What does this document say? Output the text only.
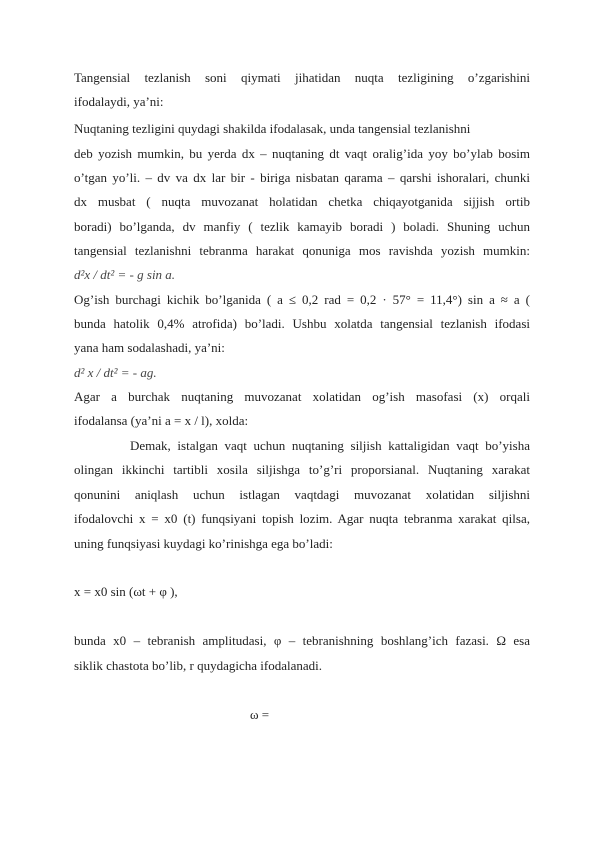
Tangensial tezlanish soni qiymati jihatidan nuqta tezligining o’zgarishini
ifodalaydi, ya’ni:
Nuqtaning tezligini quydagi shakilda ifodalasak, unda tangensial tezlanishni
deb yozish mumkin, bu yerda dx – nuqtaning dt vaqt oralig’ida yoy bo’ylab bosim
o’tgan yo’li. – dv va dx lar bir - biriga nisbatan qarama – qarshi ishoralari, chunki
dx musbat ( nuqta muvozanat holatidan chetka chiqayotganida sijjish ortib
boradi) bo’lganda, dv manfiy ( tezlik kamayib boradi ) boladi. Shuning uchun
tangensial tezlanishni tebranma harakat qonuniga mos ravishda yozish mumkin:
d²x / dt² = - g sin a.
Og’ish burchagi kichik bo’lganida ( a ≤ 0,2 rad = 0,2 · 57° = 11,4°) sin a ≈ a (
bunda hatolik 0,4% atrofida) bo’ladi. Ushbu xolatda tangensial tezlanish ifodasi
yana ham sodalashadi, ya’ni:
d² x / dt² = - ag.
Agar a burchak nuqtaning muvozanat xolatidan og’ish masofasi (x) orqali
ifodalansa (ya’ni a = x / l), xolda:
Demak, istalgan vaqt uchun nuqtaning siljish kattaligidan vaqt bo’yisha
olingan ikkinchi tartibli xosila siljishga to’g’ri proporsianal. Nuqtaning xarakat
qonunini aniqlash uchun istlagan vaqtdagi muvozanat xolatidan siljishni
ifodalovchi x = x0 (t) funqsiyani topish lozim. Agar nuqta tebranma xarakat qilsa,
uning funqsiyasi kuydagi ko’rinishga ega bo’ladi:
x = x0 sin (ωt + φ ),
bunda x0 – tebranish amplitudasi, φ – tebranishning boshlang’ich fazasi. Ω esa
siklik chastota bo’lib, r quydagicha ifodalanadi.
ω =
